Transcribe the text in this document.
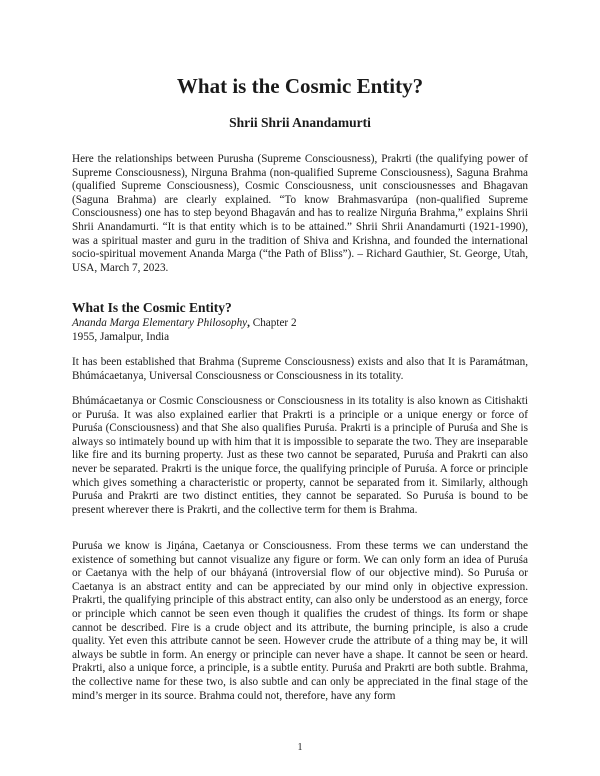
What is the Cosmic Entity?
Shrii Shrii Anandamurti

Here the relationships between Purusha (Supreme Consciousness), Prakrti (the qualifying power of Supreme Consciousness), Nirguna Brahma (non-qualified Supreme Consciousness), Saguna Brahma (qualified Supreme Consciousness), Cosmic Consciousness, unit consciousnesses and Bhagavan (Saguna Brahma) are clearly explained. “To know Brahmasvarúpa (non-qualified Supreme Consciousness) one has to step beyond Bhagaván and has to realize Nirguńa Brahma,” explains Shrii Shrii Anandamurti. “It is that entity which is to be attained.” Shrii Shrii Anandamurti (1921-1990), was a spiritual master and guru in the tradition of Shiva and Krishna, and founded the international socio-spiritual movement Ananda Marga (“the Path of Bliss”). – Richard Gauthier, St. George, Utah, USA, March 7, 2023.

What Is the Cosmic Entity?
Ananda Marga Elementary Philosophy, Chapter 2
1955, Jamalpur, India

It has been established that Brahma (Supreme Consciousness) exists and also that It is Paramátman, Bhúmácaetanya, Universal Consciousness or Consciousness in its totality.

Bhúmácaetanya or Cosmic Consciousness or Consciousness in its totality is also known as Citishakti or Puruśa. It was also explained earlier that Prakrti is a principle or a unique energy or force of Puruśa (Consciousness) and that She also qualifies Puruśa. Prakrti is a principle of Puruśa and She is always so intimately bound up with him that it is impossible to separate the two. They are inseparable like fire and its burning property. Just as these two cannot be separated, Puruśa and Prakrti can also never be separated. Prakrti is the unique force, the qualifying principle of Puruśa. A force or principle which gives something a characteristic or property, cannot be separated from it. Similarly, although Puruśa and Prakrti are two distinct entities, they cannot be separated. So Puruśa is bound to be present wherever there is Prakrti, and the collective term for them is Brahma.

Puruśa we know is Jiṋána, Caetanya or Consciousness. From these terms we can understand the existence of something but cannot visualize any figure or form. We can only form an idea of Puruśa or Caetanya with the help of our bháyaná (introversial flow of our objective mind). So Puruśa or Caetanya is an abstract entity and can be appreciated by our mind only in objective expression. Prakrti, the qualifying principle of this abstract entity, can also only be understood as an energy, force or principle which cannot be seen even though it qualifies the crudest of things. Its form or shape cannot be described. Fire is a crude object and its attribute, the burning principle, is also a crude quality. Yet even this attribute cannot be seen. However crude the attribute of a thing may be, it will always be subtle in form. An energy or principle can never have a shape. It cannot be seen or heard. Prakrti, also a unique force, a principle, is a subtle entity. Puruśa and Prakrti are both subtle. Brahma, the collective name for these two, is also subtle and can only be appreciated in the final stage of the mind’s merger in its source. Brahma could not, therefore, have any form

1
